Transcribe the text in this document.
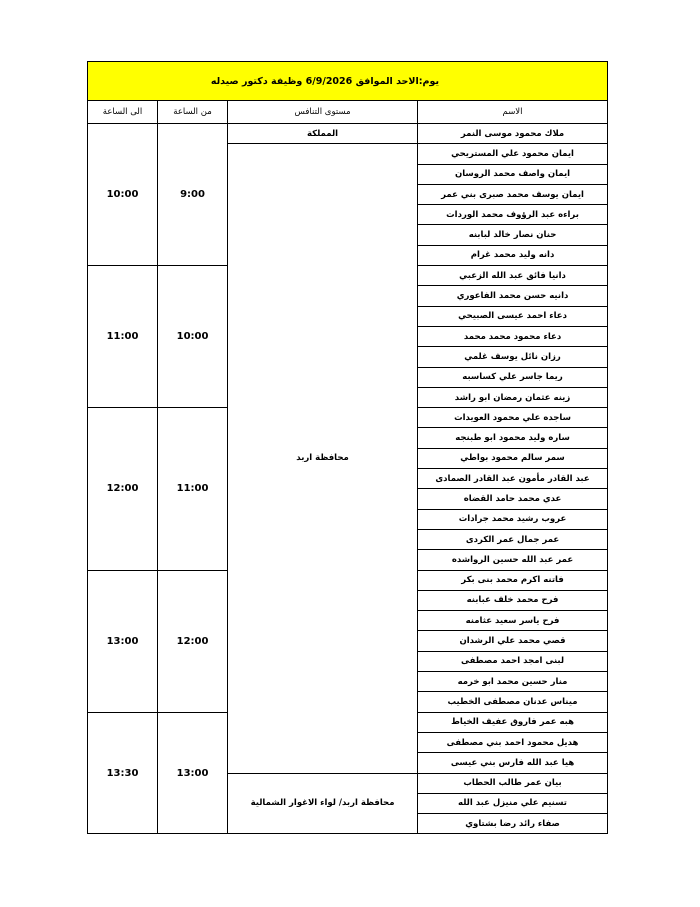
يوم:الاحد الموافق 6/9/2026 وظيفة دكتور صيدله			
الاسم	مستوى التنافس	من الساعة	الى الساعة
ملاك محمود موسى النمر	المملكة	9:00	10:00
ايمان محمود علي المستريحي	محافظة اربد		
ايمان واصف محمد الروسان			
ايمان يوسف محمد صبرى بني عمر			
براءه عبد الرؤوف محمد الوردات			
حنان نصار خالد لبابنه			
دانه وليد محمد غرام			
دانيا فائق عبد الله الزعبي		10:00	11:00
دانيه حسن محمد الفاعوري			
دعاء احمد عيسى الصبيحي			
دعاء محمود محمد محمد			
رزان نائل يوسف غلمي			
ريما جاسر علي كساسبه			
زينه عثمان رمضان ابو راشد			
ساجده علي محمود العويدات		11:00	12:00
ساره وليد محمود ابو طبنجه			
سمر سالم محمود بواطي			
عبد القادر مأمون عبد القادر الصمادى			
عدي محمد حامد القضاه			
عروب رشيد محمد جرادات			
عمر جمال عمر الكردى			
عمر عبد الله حسين الرواشده			
فاتنه اكرم محمد بنى بكر		12:00	13:00
فرح محمد خلف عبابنه			
فرح ياسر سعيد عثامنه			
قصي محمد علي الرشدان			
لبنى امجد احمد مصطفى			
منار حسين محمد ابو خرمه			
ميناس عدنان مصطفى الخطيب			
هبه عمر فاروق عفيف الخياط		13:00	13:30
هديل محمود احمد بني مصطفى			
هيا عبد الله فارس بني عيسى			
بيان عمر طالب الحطاب	محافظة اربد/ لواء الاغوار الشمالية		
تسنيم علي منيزل عبد الله			
صفاء رائد رضا بشتاوي			
